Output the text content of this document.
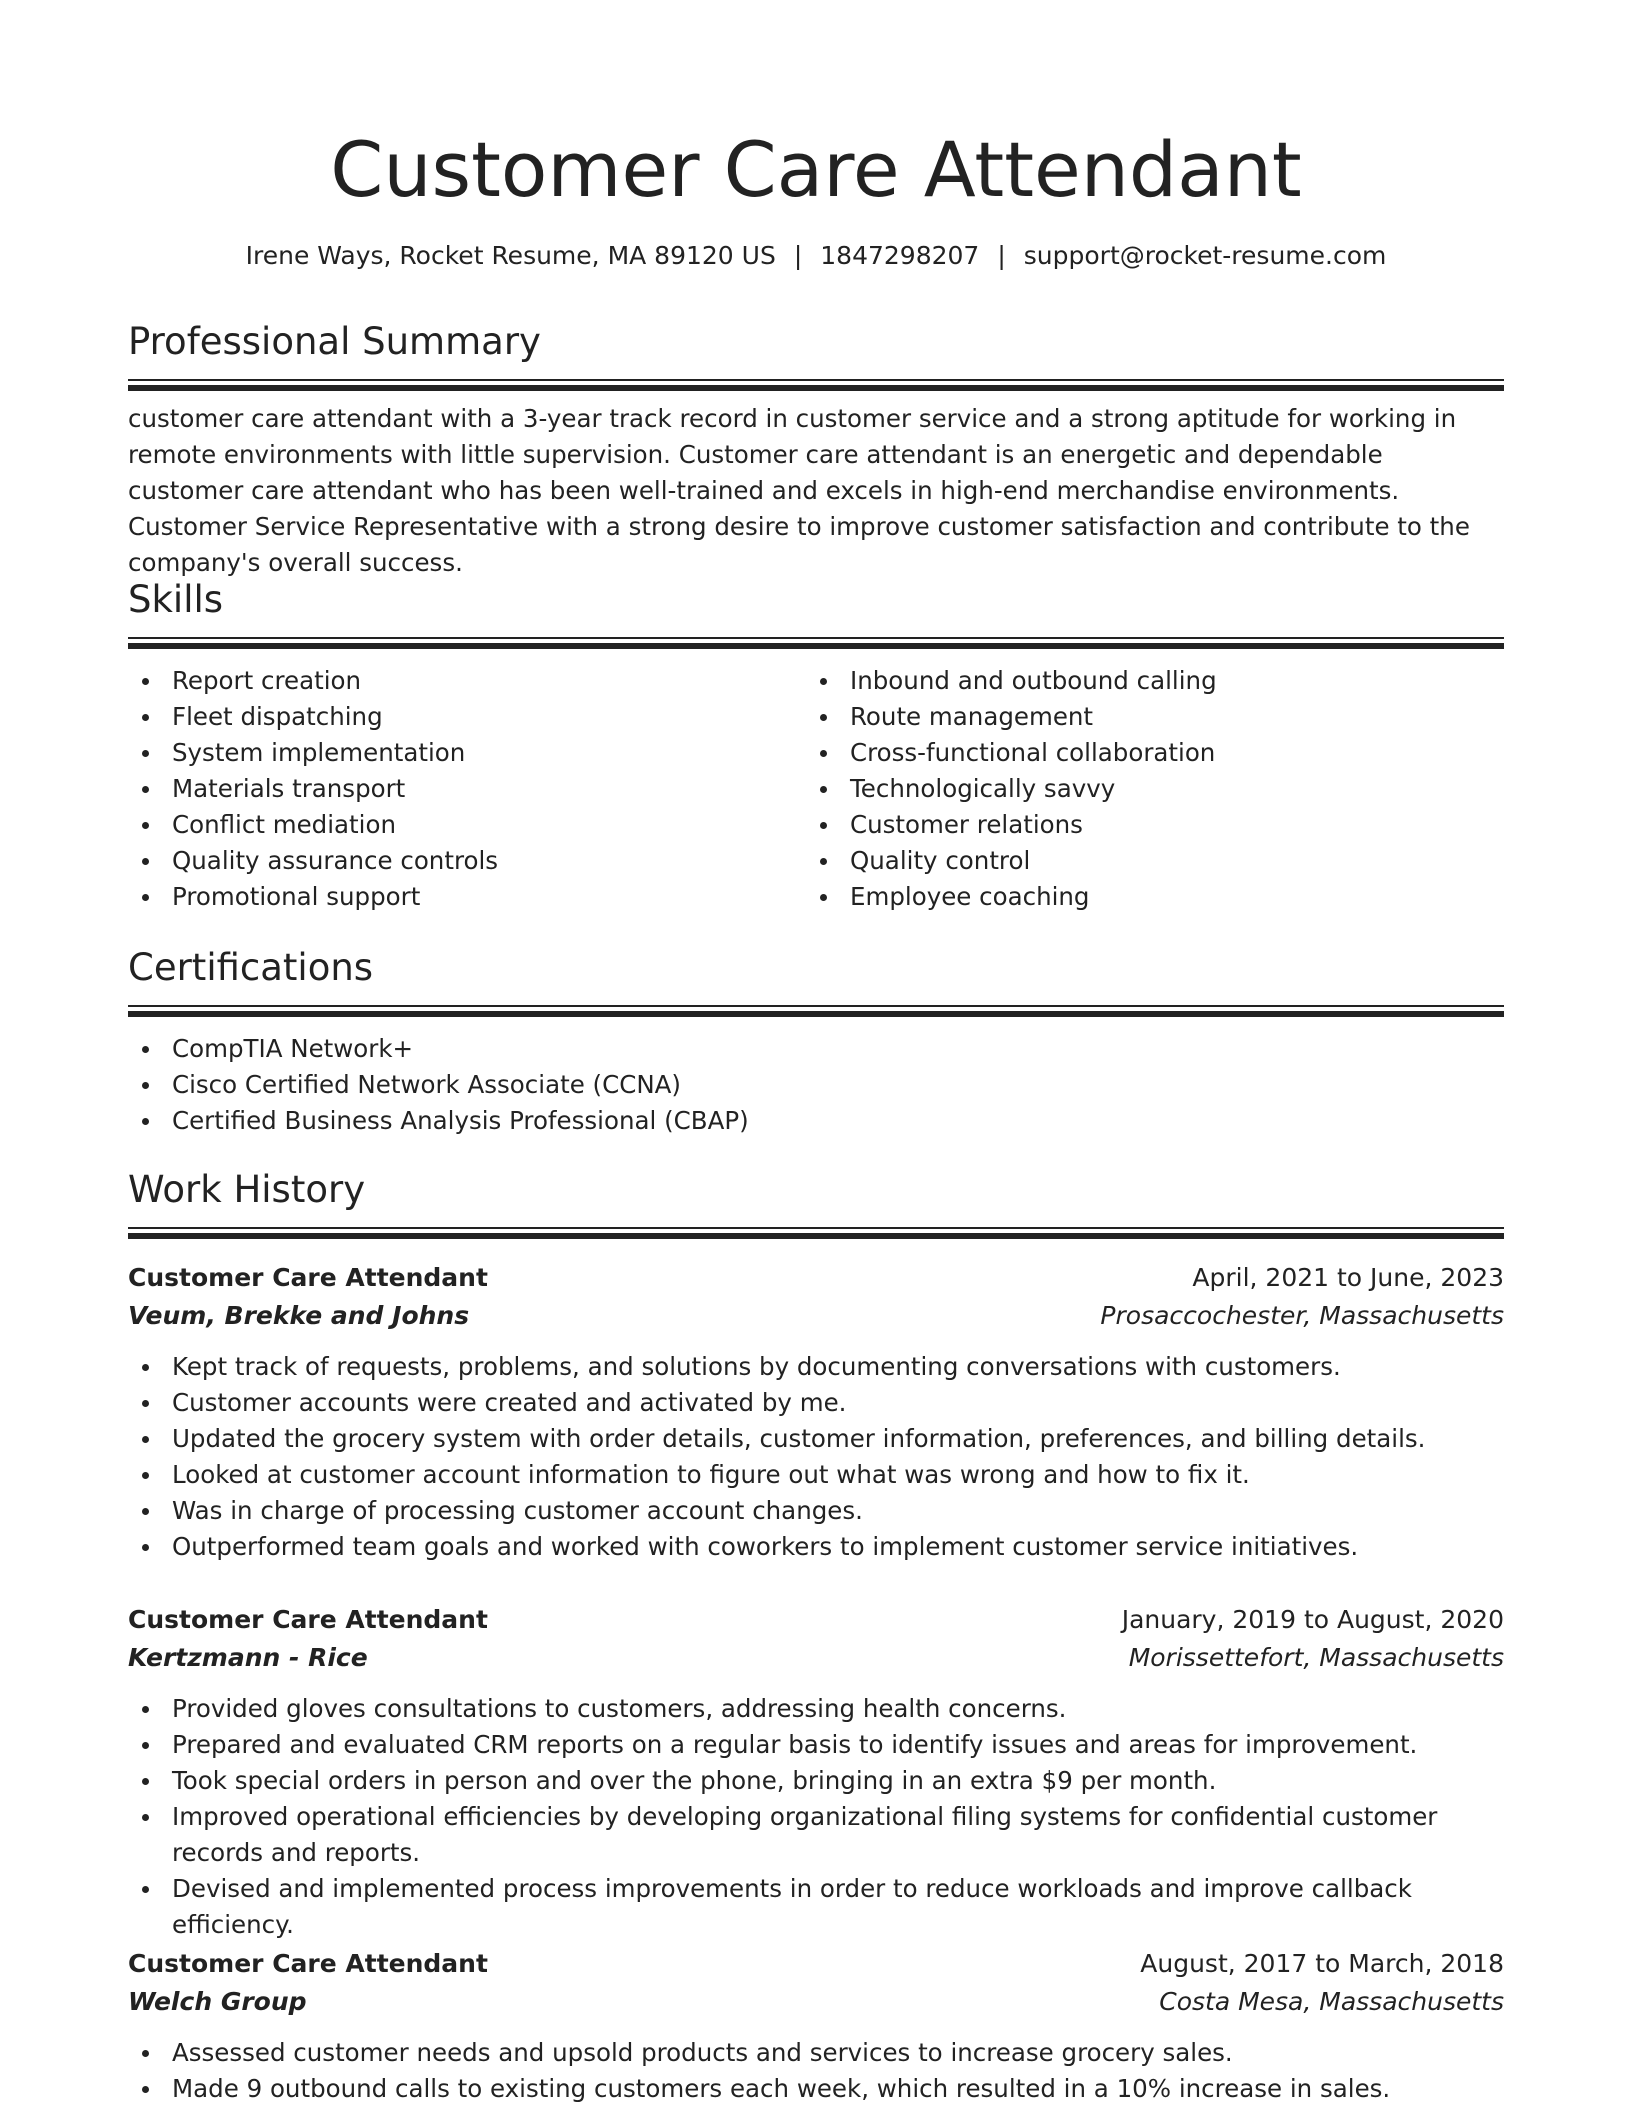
Customer Care Attendant
Irene Ways, Rocket Resume, MA 89120 US | 1847298207 | support@rocket-resume.com
Professional Summary
customer care attendant with a 3-year track record in customer service and a strong aptitude for working in remote environments with little supervision. Customer care attendant is an energetic and dependable customer care attendant who has been well-trained and excels in high-end merchandise environments. Customer Service Representative with a strong desire to improve customer satisfaction and contribute to the company's overall success.
Skills
Report creation
Fleet dispatching
System implementation
Materials transport
Conflict mediation
Quality assurance controls
Promotional support
Inbound and outbound calling
Route management
Cross-functional collaboration
Technologically savvy
Customer relations
Quality control
Employee coaching
Certifications
CompTIA Network+
Cisco Certified Network Associate (CCNA)
Certified Business Analysis Professional (CBAP)
Work History
Customer Care Attendant	April, 2021 to June, 2023
Veum, Brekke and Johns	Prosaccochester, Massachusetts
Kept track of requests, problems, and solutions by documenting conversations with customers.
Customer accounts were created and activated by me.
Updated the grocery system with order details, customer information, preferences, and billing details.
Looked at customer account information to figure out what was wrong and how to fix it.
Was in charge of processing customer account changes.
Outperformed team goals and worked with coworkers to implement customer service initiatives.
Customer Care Attendant	January, 2019 to August, 2020
Kertzmann - Rice	Morissettefort, Massachusetts
Provided gloves consultations to customers, addressing health concerns.
Prepared and evaluated CRM reports on a regular basis to identify issues and areas for improvement.
Took special orders in person and over the phone, bringing in an extra $9 per month.
Improved operational efficiencies by developing organizational filing systems for confidential customer records and reports.
Devised and implemented process improvements in order to reduce workloads and improve callback efficiency.
Customer Care Attendant	August, 2017 to March, 2018
Welch Group	Costa Mesa, Massachusetts
Assessed customer needs and upsold products and services to increase grocery sales.
Made 9 outbound calls to existing customers each week, which resulted in a 10% increase in sales.
